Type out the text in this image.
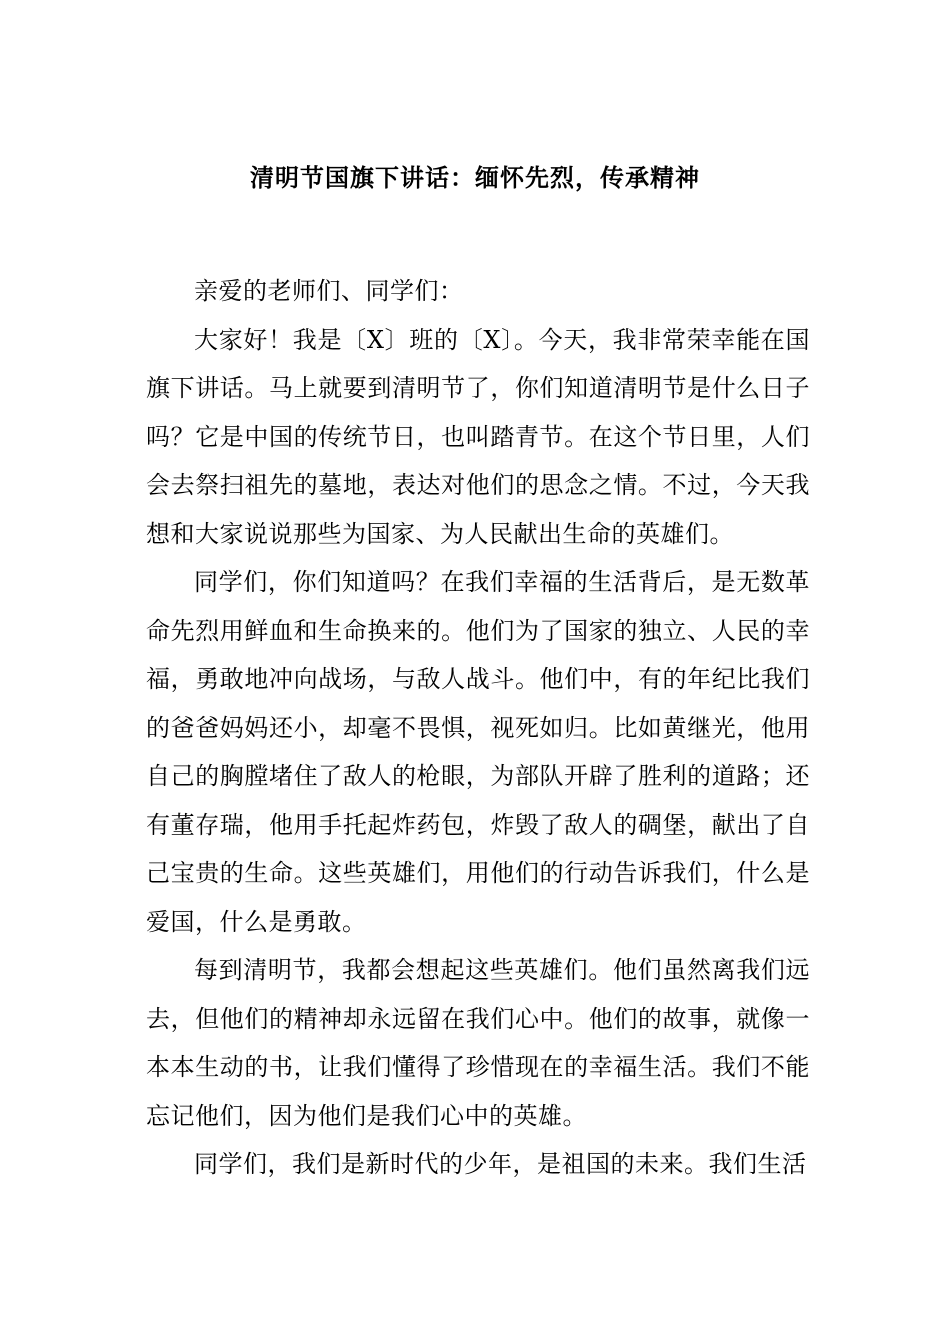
清明节国旗下讲话：缅怀先烈，传承精神

亲爱的老师们、同学们：

大家好！我是〔X〕班的〔X〕。今天，我非常荣幸能在国旗下讲话。马上就要到清明节了，你们知道清明节是什么日子吗？它是中国的传统节日，也叫踏青节。在这个节日里，人们会去祭扫祖先的墓地，表达对他们的思念之情。不过，今天我想和大家说说那些为国家、为人民献出生命的英雄们。

同学们，你们知道吗？在我们幸福的生活背后，是无数革命先烈用鲜血和生命换来的。他们为了国家的独立、人民的幸福，勇敢地冲向战场，与敌人战斗。他们中，有的年纪比我们的爸爸妈妈还小，却毫不畏惧，视死如归。比如黄继光，他用自己的胸膛堵住了敌人的枪眼，为部队开辟了胜利的道路；还有董存瑞，他用手托起炸药包，炸毁了敌人的碉堡，献出了自己宝贵的生命。这些英雄们，用他们的行动告诉我们，什么是爱国，什么是勇敢。

每到清明节，我都会想起这些英雄们。他们虽然离我们远去，但他们的精神却永远留在我们心中。他们的故事，就像一本本生动的书，让我们懂得了珍惜现在的幸福生活。我们不能忘记他们，因为他们是我们心中的英雄。

同学们，我们是新时代的少年，是祖国的未来。我们生活
